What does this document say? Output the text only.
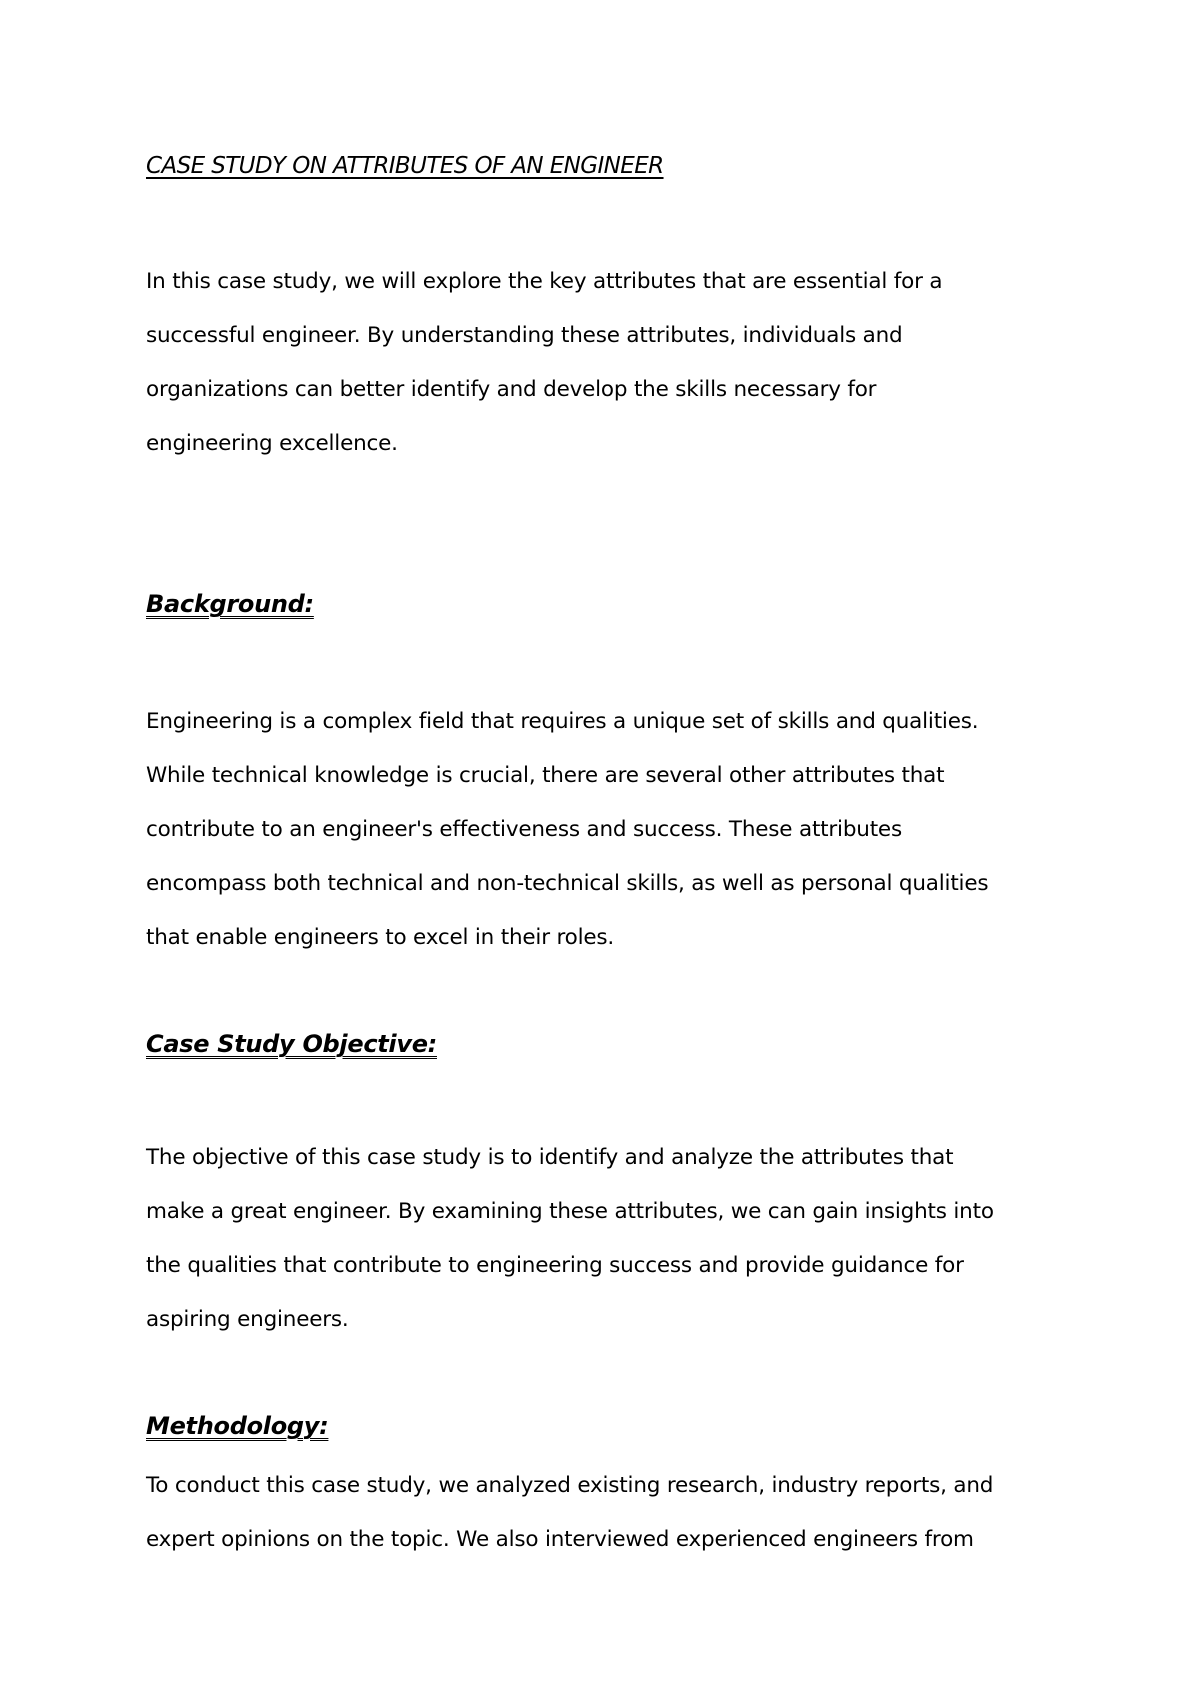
CASE STUDY ON ATTRIBUTES OF AN ENGINEER
In this case study, we will explore the key attributes that are essential for a
successful engineer. By understanding these attributes, individuals and
organizations can better identify and develop the skills necessary for
engineering excellence.
Background:
Engineering is a complex field that requires a unique set of skills and qualities.
While technical knowledge is crucial, there are several other attributes that
contribute to an engineer's effectiveness and success. These attributes
encompass both technical and non-technical skills, as well as personal qualities
that enable engineers to excel in their roles.
Case Study Objective:
The objective of this case study is to identify and analyze the attributes that
make a great engineer. By examining these attributes, we can gain insights into
the qualities that contribute to engineering success and provide guidance for
aspiring engineers.
Methodology:
To conduct this case study, we analyzed existing research, industry reports, and
expert opinions on the topic. We also interviewed experienced engineers from
